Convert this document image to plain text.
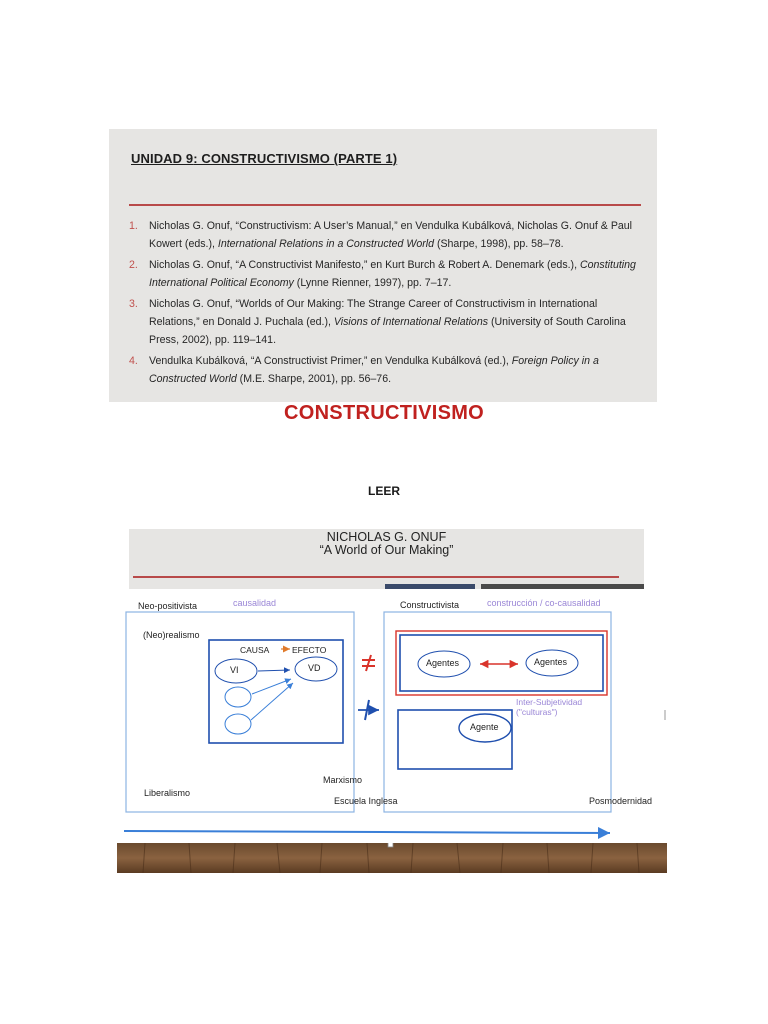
UNIDAD 9: CONSTRUCTIVISMO (PARTE 1)
1. Nicholas G. Onuf, “Constructivism: A User’s Manual,” en Vendulka Kubálková, Nicholas G. Onuf & Paul Kowert (eds.), International Relations in a Constructed World (Sharpe, 1998), pp. 58–78.
2. Nicholas G. Onuf, “A Constructivist Manifesto,” en Kurt Burch & Robert A. Denemark (eds.), Constituting International Political Economy (Lynne Rienner, 1997), pp. 7–17.
3. Nicholas G. Onuf, “Worlds of Our Making: The Strange Career of Constructivism in International Relations,” en Donald J. Puchala (ed.), Visions of International Relations (University of South Carolina Press, 2002), pp. 119–141.
4. Vendulka Kubálková, “A Constructivist Primer,” en Vendulka Kubálková (ed.), Foreign Policy in a Constructed World (M.E. Sharpe, 2001), pp. 56–76.
CONSTRUCTIVISMO
LEER
NICHOLAS G. ONUF
“A World of Our Making”
Neo-positivista	causalidad
(Neo)realismo
CAUSA	EFECTO
VI	VD
Liberalismo
Marxismo
Escuela Inglesa
Constructivista	construcción / co-causalidad
Agentes	Agentes
Inter-Subjetividad
("culturas")
Agente
Posmodernidad
